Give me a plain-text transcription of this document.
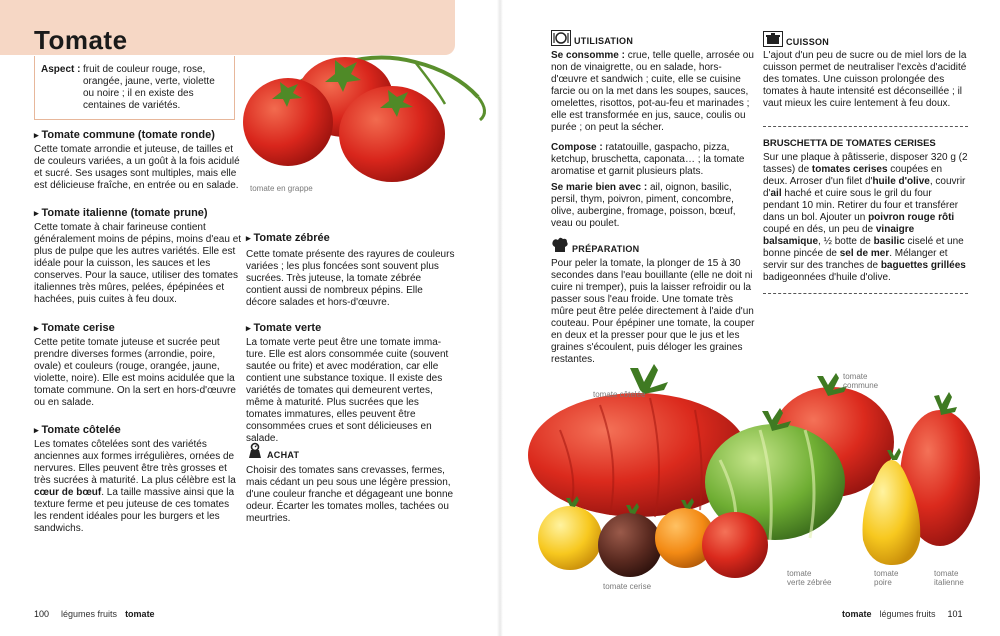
Tomate
Aspect : fruit de couleur rouge, rose, orangée, jaune, verte, violette ou noire ; il en existe des centaines de variétés.
tomate en grappe
▸ Tomate commune (tomate ronde)
Cette tomate arrondie et juteuse, de tailles et de couleurs variées, a un goût à la fois acidulé et sucré. Ses usages sont multiples, mais elle est délicieuse fraîche, en entrée ou en salade.
▸ Tomate italienne (tomate prune)
Cette tomate à chair farineuse contient généralement moins de pépins, moins d'eau et plus de pulpe que les autres variétés. Elle est idéale pour la cuisson, les sauces et les conserves. Pour la sauce, utiliser des tomates italiennes très mûres, pelées, épépinées et hachées, puis cuites à feu doux.
▸ Tomate cerise
Cette petite tomate juteuse et sucrée peut prendre diverses formes (arrondie, poire, ovale) et couleurs (rouge, orangée, jaune, violette, noire). Elle est moins acidulée que la tomate commune. On la sert en hors-d'œuvre ou en salade.
▸ Tomate côtelée
Les tomates côtelées sont des variétés anciennes aux formes irrégulières, ornées de nervures. Elles peuvent être très grosses et très sucrées à maturité. La plus célèbre est la cœur de bœuf. La taille massive ainsi que la texture ferme et peu juteuse de ces tomates les rendent idéales pour les burgers et les sandwichs.
▸ Tomate zébrée
Cette tomate présente des rayures de couleurs variées ; les plus foncées sont souvent plus sucrées. Très juteuse, la tomate zébrée contient aussi de nombreux pépins. Elle décore salades et hors-d'œuvre.
▸ Tomate verte
La tomate verte peut être une tomate imma-ture. Elle est alors consommée cuite (souvent sautée ou frite) et avec modération, car elle contient une substance toxique. Il existe des variétés de tomates qui demeurent vertes, même à maturité. Plus sucrées que les tomates immatures, elles peuvent être consommées crues et sont délicieuses en salade.
ACHAT
Choisir des tomates sans crevasses, fermes, mais cédant un peu sous une légère pression, d'une couleur franche et dégageant une bonne odeur. Écarter les tomates molles, tachées ou meurtries.
100 légumes fruits tomate
UTILISATION
Se consomme : crue, telle quelle, arrosée ou non de vinaigrette, ou en salade, hors-d'œuvre et sandwich ; cuite, elle se cuisine farcie ou on la met dans les soupes, sauces, omelettes, risottos, pot-au-feu et marinades ; elle est transformée en jus, sauce, coulis ou purée ; on peut la sécher.
Compose : ratatouille, gaspacho, pizza, ketchup, bruschetta, caponata… ; la tomate aromatise et garnit plusieurs plats.
Se marie bien avec : ail, oignon, basilic, persil, thym, poivron, piment, concombre, olive, aubergine, fromage, poisson, bœuf, veau ou poulet.
PRÉPARATION
Pour peler la tomate, la plonger de 15 à 30 secondes dans l'eau bouillante (elle ne doit ni cuire ni tremper), puis la laisser refroidir ou la passer sous l'eau froide. Une tomate très mûre peut être pelée directement à l'aide d'un couteau. Pour épépiner une tomate, la couper en deux et la presser pour que le jus et les graines s'écoulent, puis déloger les graines restantes.
CUISSON
L'ajout d'un peu de sucre ou de miel lors de la cuisson permet de neutraliser l'excès d'acidité des tomates. Une cuisson prolongée des tomates à haute intensité est déconseillée ; il vaut mieux les cuire lentement à feu doux.
BRUSCHETTA DE TOMATES CERISES
Sur une plaque à pâtisserie, disposer 320 g (2 tasses) de tomates cerises coupées en deux. Arroser d'un filet d'huile d'olive, couvrir d'ail haché et cuire sous le gril du four pendant 10 min. Retirer du four et transférer dans un bol. Ajouter un poivron rouge rôti coupé en dés, un peu de vinaigre balsamique, ½ botte de basilic ciselé et une bonne pincée de sel de mer. Mélanger et servir sur des tranches de baguettes grillées badigeonnées d'huile d'olive.
tomate côtelée
tomate
commune
tomate cerise
tomate
verte zébrée
tomate
poire
tomate
italienne
tomate légumes fruits 101
